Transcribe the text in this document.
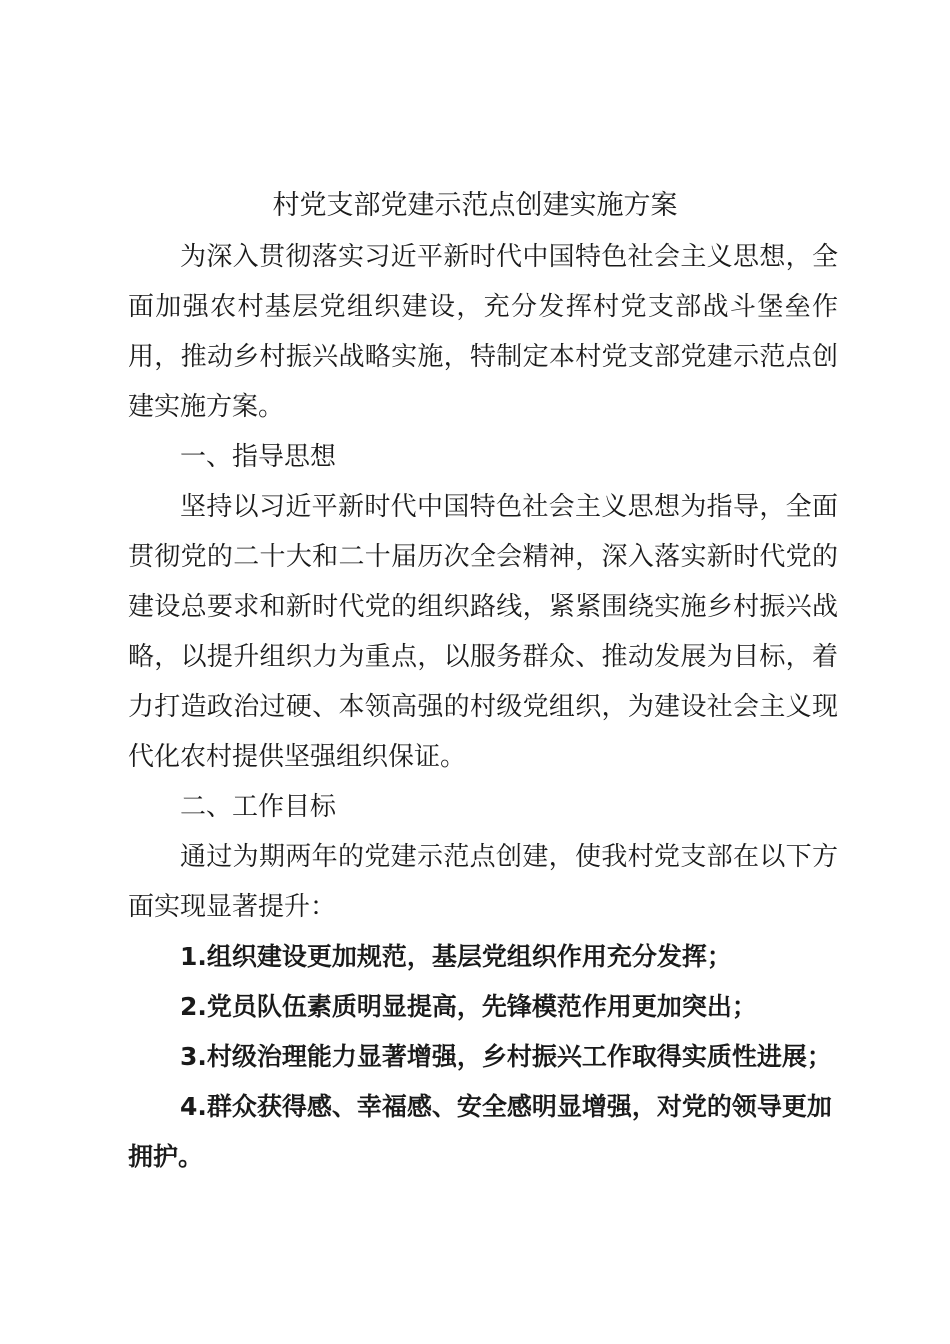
村党支部党建示范点创建实施方案

为深入贯彻落实习近平新时代中国特色社会主义思想，全面加强农村基层党组织建设，充分发挥村党支部战斗堡垒作用，推动乡村振兴战略实施，特制定本村党支部党建示范点创建实施方案。

一、指导思想

坚持以习近平新时代中国特色社会主义思想为指导，全面贯彻党的二十大和二十届历次全会精神，深入落实新时代党的建设总要求和新时代党的组织路线，紧紧围绕实施乡村振兴战略，以提升组织力为重点，以服务群众、推动发展为目标，着力打造政治过硬、本领高强的村级党组织，为建设社会主义现代化农村提供坚强组织保证。

二、工作目标

通过为期两年的党建示范点创建，使我村党支部在以下方面实现显著提升：

1.组织建设更加规范，基层党组织作用充分发挥；

2.党员队伍素质明显提高，先锋模范作用更加突出；

3.村级治理能力显著增强，乡村振兴工作取得实质性进展；

4.群众获得感、幸福感、安全感明显增强，对党的领导更加拥护。
